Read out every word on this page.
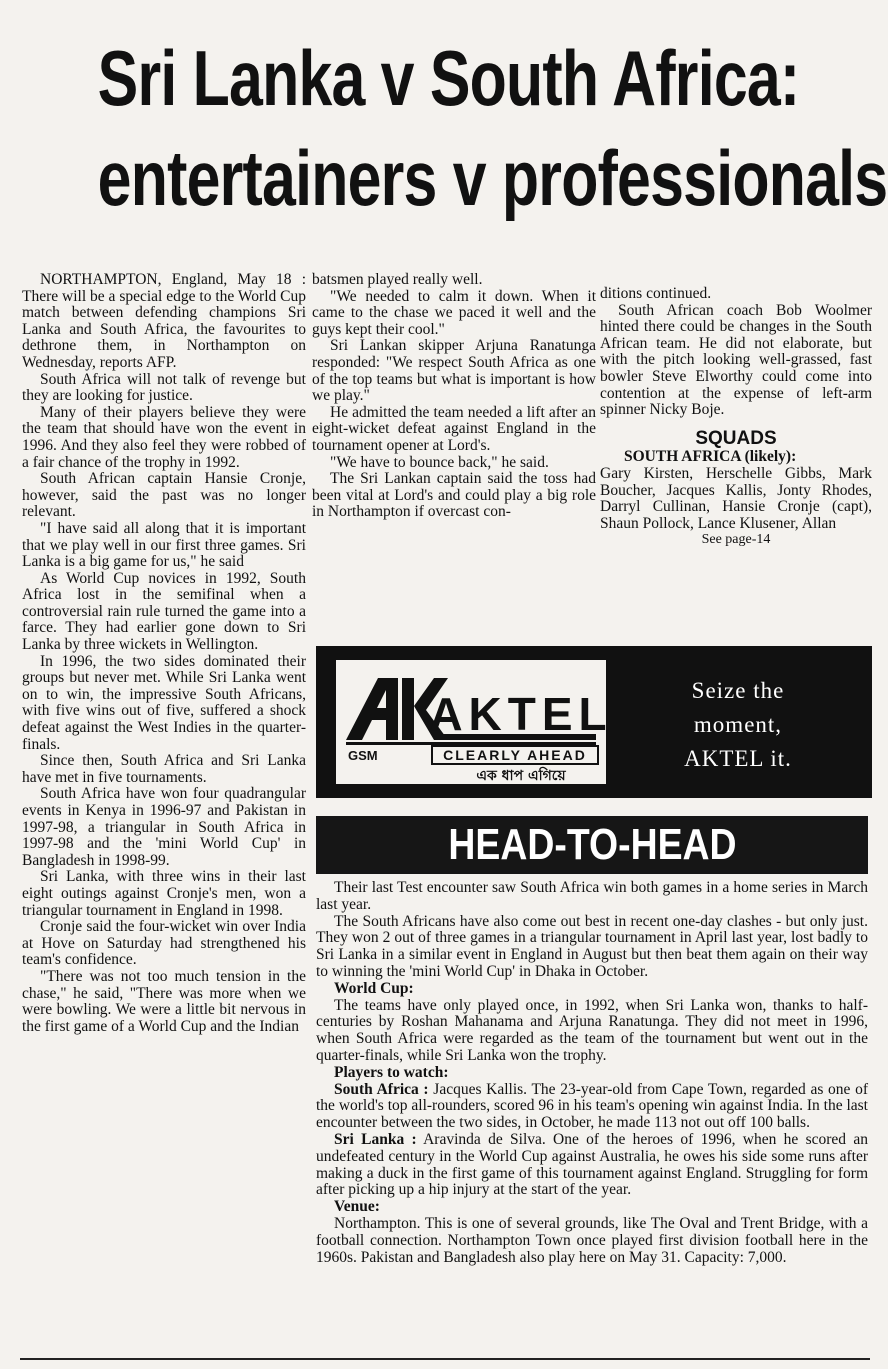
Sri Lanka v South Africa:
entertainers v professionals

NORTHAMPTON, England, May 18 : There will be a special edge to the World Cup match between defending champions Sri Lanka and South Africa, the favourites to dethrone them, in Northampton on Wednesday, reports AFP.

South Africa will not talk of revenge but they are looking for justice.

Many of their players believe they were the team that should have won the event in 1996. And they also feel they were robbed of a fair chance of the trophy in 1992.

South African captain Hansie Cronje, however, said the past was no longer relevant.

"I have said all along that it is important that we play well in our first three games. Sri Lanka is a big game for us," he said

As World Cup novices in 1992, South Africa lost in the semifinal when a controversial rain rule turned the game into a farce. They had earlier gone down to Sri Lanka by three wickets in Wellington.

In 1996, the two sides dominated their groups but never met. While Sri Lanka went on to win, the impressive South Africans, with five wins out of five, suffered a shock defeat against the West Indies in the quarter-finals.

Since then, South Africa and Sri Lanka have met in five tournaments.

South Africa have won four quadrangular events in Kenya in 1996-97 and Pakistan in 1997-98, a triangular in South Africa in 1997-98 and the 'mini World Cup' in Bangladesh in 1998-99.

Sri Lanka, with three wins in their last eight outings against Cronje's men, won a triangular tournament in England in 1998.

Cronje said the four-wicket win over India at Hove on Saturday had strengthened his team's confidence.

"There was not too much tension in the chase," he said, "There was more when we were bowling. We were a little bit nervous in the first game of a World Cup and the Indian

batsmen played really well.

"We needed to calm it down. When it came to the chase we paced it well and the guys kept their cool."

Sri Lankan skipper Arjuna Ranatunga responded: "We respect South Africa as one of the top teams but what is important is how we play."

He admitted the team needed a lift after an eight-wicket defeat against England in the tournament opener at Lord's.

"We have to bounce back," he said.

The Sri Lankan captain said the toss had been vital at Lord's and could play a big role in Northampton if overcast con-

ditions continued.

South African coach Bob Woolmer hinted there could be changes in the South African team. He did not elaborate, but with the pitch looking well-grassed, fast bowler Steve Elworthy could come into contention at the expense of left-arm spinner Nicky Boje.

SQUADS
SOUTH AFRICA (likely):
Gary Kirsten, Herschelle Gibbs, Mark Boucher, Jacques Kallis, Jonty Rhodes, Darryl Cullinan, Hansie Cronje (capt), Shaun Pollock, Lance Klusener, Allan
See page-14
GSM	CLEARLY AHEAD
এক ধাপ এগিয়ে
AKTEL	Seize the
moment,
AKTEL it.
HEAD-TO-HEAD

Their last Test encounter saw South Africa win both games in a home series in March last year.

The South Africans have also come out best in recent one-day clashes - but only just. They won 2 out of three games in a triangular tournament in April last year, lost badly to Sri Lanka in a similar event in England in August but then beat them again on their way to winning the 'mini World Cup' in Dhaka in October.

World Cup:

The teams have only played once, in 1992, when Sri Lanka won, thanks to half-centuries by Roshan Mahanama and Arjuna Ranatunga. They did not meet in 1996, when South Africa were regarded as the team of the tournament but went out in the quarter-finals, while Sri Lanka won the trophy.

Players to watch:

South Africa : Jacques Kallis. The 23-year-old from Cape Town, regarded as one of the world's top all-rounders, scored 96 in his team's opening win against India. In the last encounter between the two sides, in October, he made 113 not out off 100 balls.

Sri Lanka : Aravinda de Silva. One of the heroes of 1996, when he scored an undefeated century in the World Cup against Australia, he owes his side some runs after making a duck in the first game of this tournament against England. Struggling for form after picking up a hip injury at the start of the year.

Venue:

Northampton. This is one of several grounds, like The Oval and Trent Bridge, with a football connection. Northampton Town once played first division football here in the 1960s. Pakistan and Bangladesh also play here on May 31. Capacity: 7,000.
